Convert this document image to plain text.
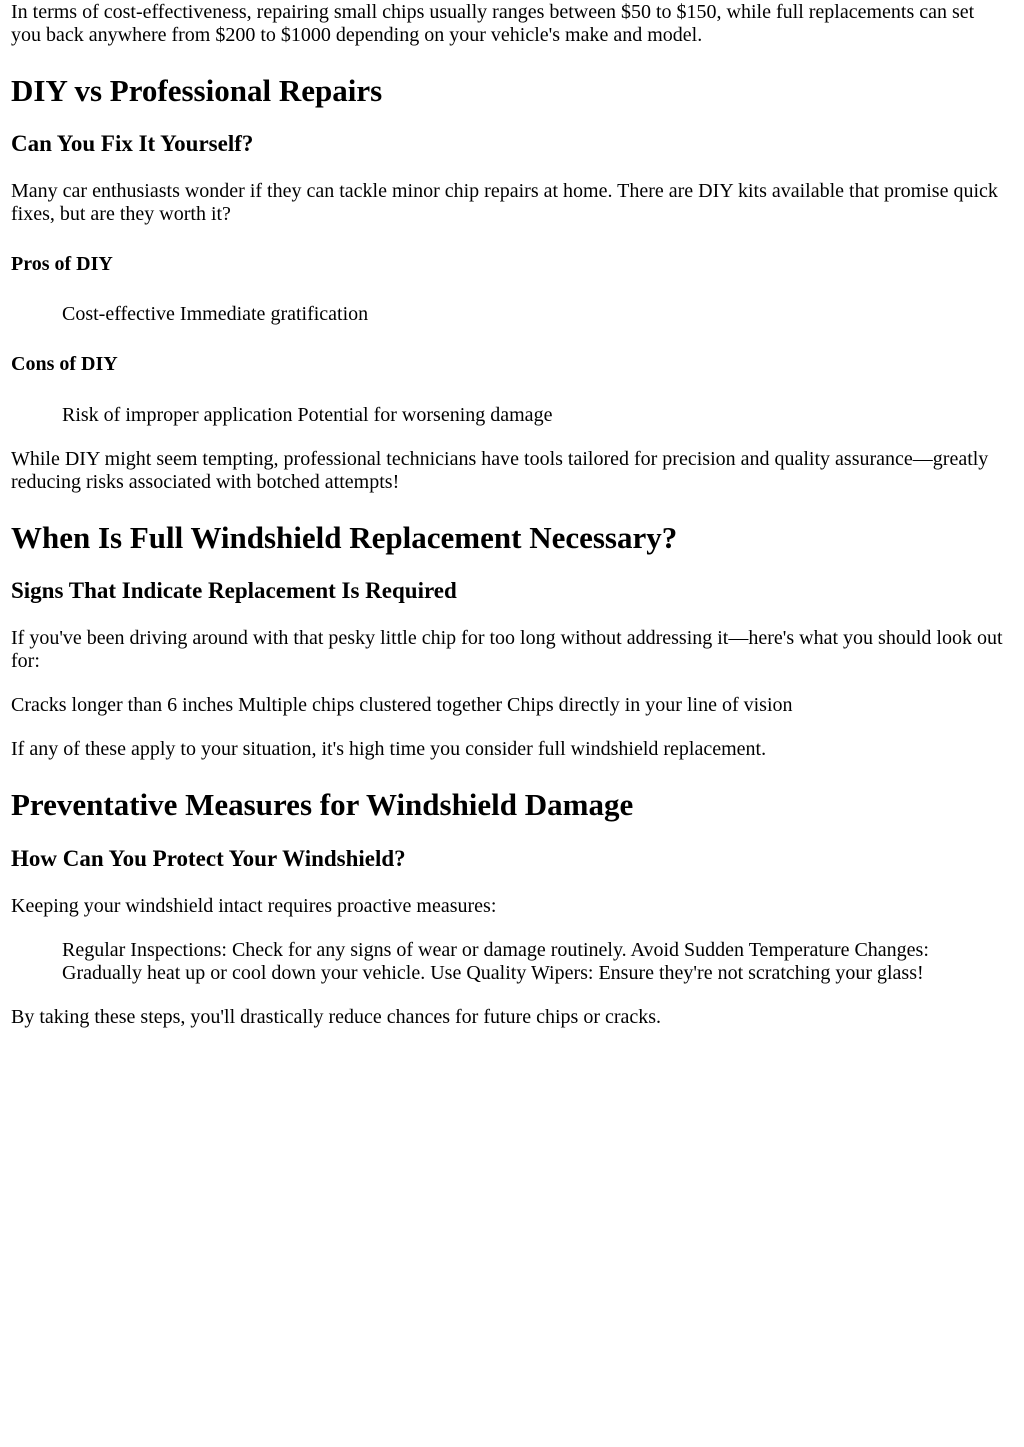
In terms of cost-effectiveness, repairing small chips usually ranges between $50 to $150, while full replacements can set you back anywhere from $200 to $1000 depending on your vehicle's make and model.

DIY vs Professional Repairs
Can You Fix It Yourself?

Many car enthusiasts wonder if they can tackle minor chip repairs at home. There are DIY kits available that promise quick fixes, but are they worth it?

Pros of DIY
Cost-effective Immediate gratification
Cons of DIY
Risk of improper application Potential for worsening damage

While DIY might seem tempting, professional technicians have tools tailored for precision and quality assurance—greatly reducing risks associated with botched attempts!

When Is Full Windshield Replacement Necessary?
Signs That Indicate Replacement Is Required

If you've been driving around with that pesky little chip for too long without addressing it—here's what you should look out for:

Cracks longer than 6 inches Multiple chips clustered together Chips directly in your line of vision

If any of these apply to your situation, it's high time you consider full windshield replacement.

Preventative Measures for Windshield Damage
How Can You Protect Your Windshield?

Keeping your windshield intact requires proactive measures:

Regular Inspections: Check for any signs of wear or damage routinely. Avoid Sudden Temperature Changes: Gradually heat up or cool down your vehicle. Use Quality Wipers: Ensure they're not scratching your glass!

By taking these steps, you'll drastically reduce chances for future chips or cracks.
